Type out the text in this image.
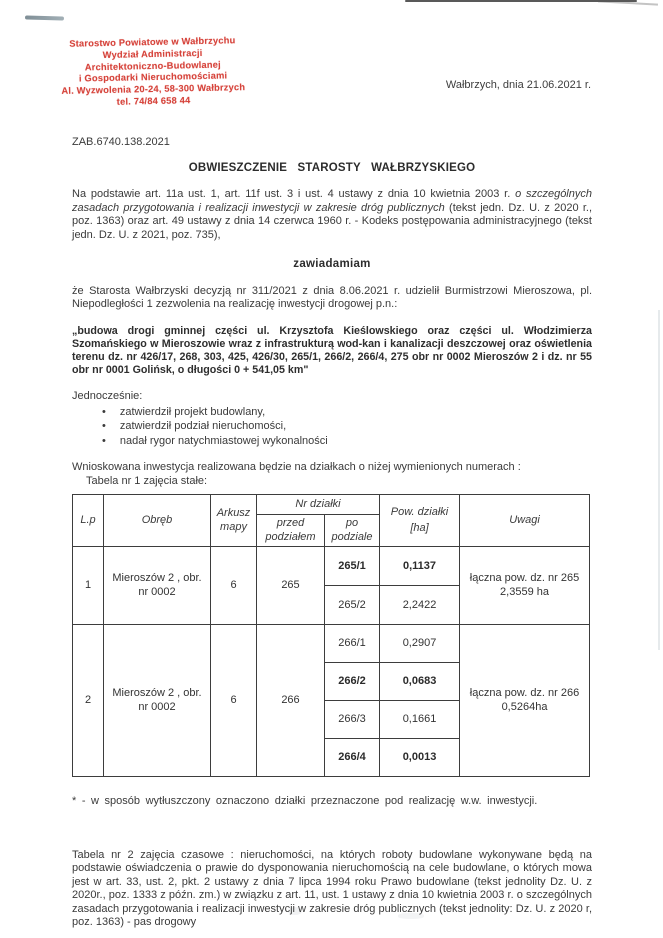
Starostwo Powiatowe w Wałbrzychu
Wydział Administracji
Architektoniczno-Budowlanej
i Gospodarki Nieruchomościami
Al. Wyzwolenia 20-24, 58-300 Wałbrzych
tel. 74/84 658 44
Wałbrzych, dnia 21.06.2021 r.
ZAB.6740.138.2021
OBWIESZCZENIE STAROSTY WAŁBRZYSKIEGO

Na podstawie art. 11a ust. 1, art. 11f ust. 3 i ust. 4 ustawy z dnia 10 kwietnia 2003 r. o szczególnych zasadach przygotowania i realizacji inwestycji w zakresie dróg publicznych (tekst jedn. Dz. U. z 2020 r., poz. 1363) oraz art. 49 ustawy z dnia 14 czerwca 1960 r. - Kodeks postępowania administracyjnego (tekst jedn. Dz. U. z 2021, poz. 735),

zawiadamiam

że Starosta Wałbrzyski decyzją nr 311/2021 z dnia 8.06.2021 r. udzielił Burmistrzowi Mieroszowa, pl. Niepodległości 1 zezwolenia na realizację inwestycji drogowej p.n.:

„budowa drogi gminnej części ul. Krzysztofa Kieślowskiego oraz części ul. Włodzimierza Szomańskiego w Mieroszowie wraz z infrastrukturą wod-kan i kanalizacji deszczowej oraz oświetlenia terenu dz. nr 426/17, 268, 303, 425, 426/30, 265/1, 266/2, 266/4, 275 obr nr 0002 Mieroszów 2 i dz. nr 55 obr nr 0001 Golińsk, o długości 0 + 541,05 km"

Jednocześnie:
• zatwierdził projekt budowlany,
• zatwierdził podział nieruchomości,
• nadał rygor natychmiastowej wykonalności
Wnioskowana inwestycja realizowana będzie na działkach o niżej wymienionych numerach :
Tabela nr 1 zajęcia stałe:
L.p	Obręb	Arkusz mapy	Nr działki		Pow. działki
[ha]	Uwagi
			przed podziałem	po podziale		
1	Mieroszów 2 , obr. nr 0002	6	265	265/1	0,1137	łączna pow. dz. nr 265 2,3559 ha
				265/2	2,2422	
2	Mieroszów 2 , obr. nr 0002	6	266	266/1	0,2907	łączna pow. dz. nr 266 0,5264ha
				266/2	0,0683	
				266/3	0,1661	
				266/4	0,0013	
* - w sposób wytłuszczony oznaczono działki przeznaczone pod realizację w.w. inwestycji.

Tabela nr 2 zajęcia czasowe : nieruchomości, na których roboty budowlane wykonywane będą na podstawie oświadczenia o prawie do dysponowania nieruchomością na cele budowlane, o których mowa jest w art. 33, ust. 2, pkt. 2 ustawy z dnia 7 lipca 1994 roku Prawo budowlane (tekst jednolity Dz. U. z 2020r., poz. 1333 z późn. zm.) w związku z art. 11, ust. 1 ustawy z dnia 10 kwietnia 2003 r. o szczególnych zasadach przygotowania i realizacji inwestycji w zakresie dróg publicznych (tekst jednolity: Dz. U. z 2020 r, poz. 1363) - pas drogowy
